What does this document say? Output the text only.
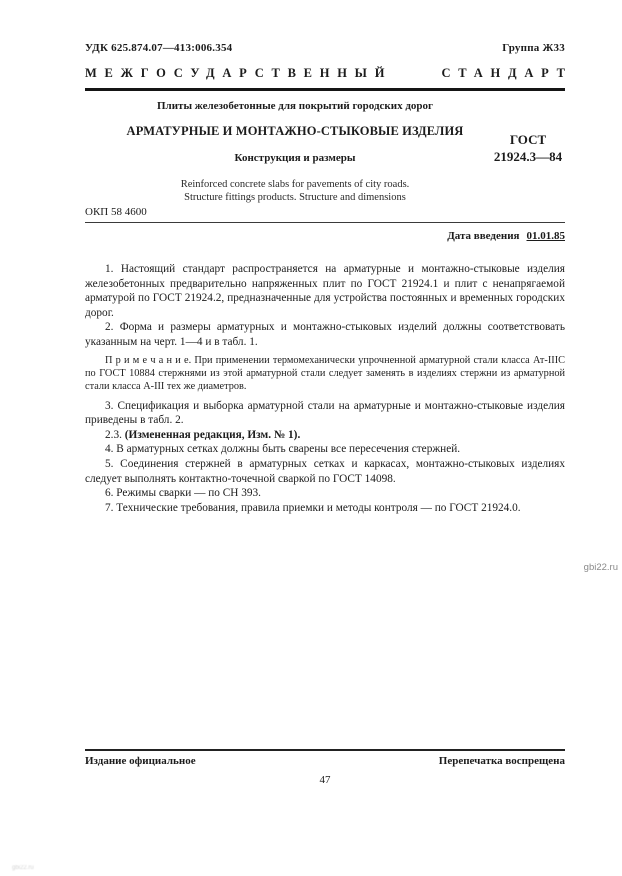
УДК 625.874.07—413:006.354	Группа Ж33
МЕЖГОСУДАРСТВЕННЫЙ	СТАНДАРТ

Плиты железобетонные для покрытий городских дорог

АРМАТУРНЫЕ И МОНТАЖНО-СТЫКОВЫЕ ИЗДЕЛИЯ

Конструкция и размеры

Reinforced concrete slabs for pavements of city roads.

Structure fittings products. Structure and dimensions

ГОСТ
21924.3—84
ОКП 58 4600
Дата введения 01.01.85

1. Настоящий стандарт распространяется на арматурные и монтажно-стыковые изделия железобетонных предварительно напряженных плит по ГОСТ 21924.1 и плит с ненапрягаемой арматурой по ГОСТ 21924.2, предназначенные для устройства постоянных и временных городских дорог.

2. Форма и размеры арматурных и монтажно-стыковых изделий должны соответствовать указанным на черт. 1—4 и в табл. 1.

П р и м е ч а н и е. При применении термомеханически упрочненной арматурной стали класса Ат-IIIС по ГОСТ 10884 стержнями из этой арматурной стали следует заменять в изделиях стержни из арматурной стали класса А-III тех же диаметров.

3. Спецификация и выборка арматурной стали на арматурные и монтажно-стыковые изделия приведены в табл. 2.

2.3. (Измененная редакция, Изм. № 1).

4. В арматурных сетках должны быть сварены все пересечения стержней.

5. Соединения стержней в арматурных сетках и каркасах, монтажно-стыковых изделиях следует выполнять контактно-точечной сваркой по ГОСТ 14098.

6. Режимы сварки — по СН 393.

7. Технические требования, правила приемки и методы контроля — по ГОСТ 21924.0.

gbi22.ru
Издание официальное	Перепечатка воспрещена
47
gbi22.ru
